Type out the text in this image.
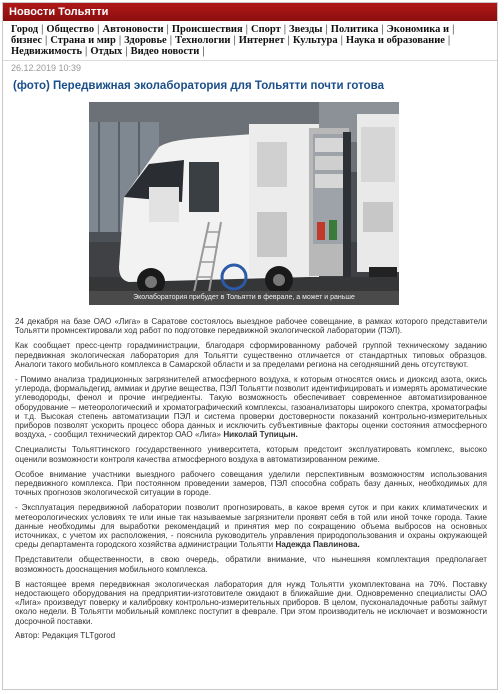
Новости Тольятти
Город | Общество | Автоновости | Происшествия | Спорт | Звезды | Политика | Экономика и |
бизнес | Страна и мир | Здоровье | Технологии | Интернет | Культура | Наука и образование |
Недвижимость | Отдых | Видео новости |
26.12.2019 10:39
(фото) Передвижная эколаборатория для Тольятти почти готова
Эколаборатория прибудет в Тольятти в феврале, а может и раньше

24 декабря на базе ОАО «Лига» в Саратове состоялось выездное рабочее совещание, в рамках которого представители Тольятти промнсектировали ход работ по подготовке передвижной экологической лаборатории (ПЭЛ).

Как сообщает пресс-центр горадминистрации, благодаря сформированному рабочей группой техническому заданию передвижная экологическая лаборатория для Тольятти существенно отличается от стандартных типовых образцов. Аналоги такого мобильного комплекса в Самарской области и за пределами региона на сегодняшний день отсутствуют.

- Помимо анализа традиционных загрязнителей атмосферного воздуха, к которым относятся окись и диоксид азота, окись углерода, формальдегид, аммиак и другие вещества, ПЭЛ Тольятти позволит идентифицировать и измерять ароматические углеводороды, фенол и прочие ингредиенты. Такую возможность обеспечивает современное автоматизированное оборудование – метеорологический и хроматографический комплексы, газоанализаторы широкого спектра, хроматографы и т.д. Высокая степень автоматизации ПЭЛ и система проверки достоверности показаний контрольно-измерительных приборов позволят ускорить процесс обора данных и исключить субъективные факторы оценки состояния атмосферного воздуха, - сообщил технический директор ОАО «Лига» Николай Тупицын.

Специалисты Тольяттинского государственного университета, которым предстоит эксплуатировать комплекс, высоко оценили возможности контроля качества атмосферного воздуха в автоматизированном режиме.

Особое внимание участники выездного рабочего совещания уделили перспективным возможностям использования передвижного комплекса. При постоянном проведении замеров, ПЭЛ способна собрать базу данных, необходимых для точных прогнозов экологической ситуации в городе.

- Эксплуатация передвижной лаборатории позволит прогнозировать, в какое время суток и при каких климатических и метеорологических условиях те или иные так называемые загрязнители проявят себя в той или иной точке города. Такие данные необходимы для выработки рекомендаций и принятия мер по сокращению объема выбросов на основных источниках, с учетом их расположения, - пояснила руководитель управления природопользования и охраны окружающей среды департамента городского хозяйства администрации Тольятти Надежда Павлинова.

Представители общественности, в свою очередь, обратили внимание, что нынешняя комплектация предполагает возможность дооснащения мобильного комплекса.

В настоящее время передвижная экологическая лаборатория для нужд Тольятти укомплектована на 70%. Поставку недостающего оборудования на предприятии-изготовителе ожидают в ближайшие дни. Одновременно специалисты ОАО «Лига» произведут поверку и калибровку контрольно-измерительных приборов. В целом, пусконаладочные работы займут около недели. В Тольятти мобильный комплекс поступит в феврале. При этом производитель не исключает и возможности досрочной поставки.

Автор: Редакция TLTgorod
